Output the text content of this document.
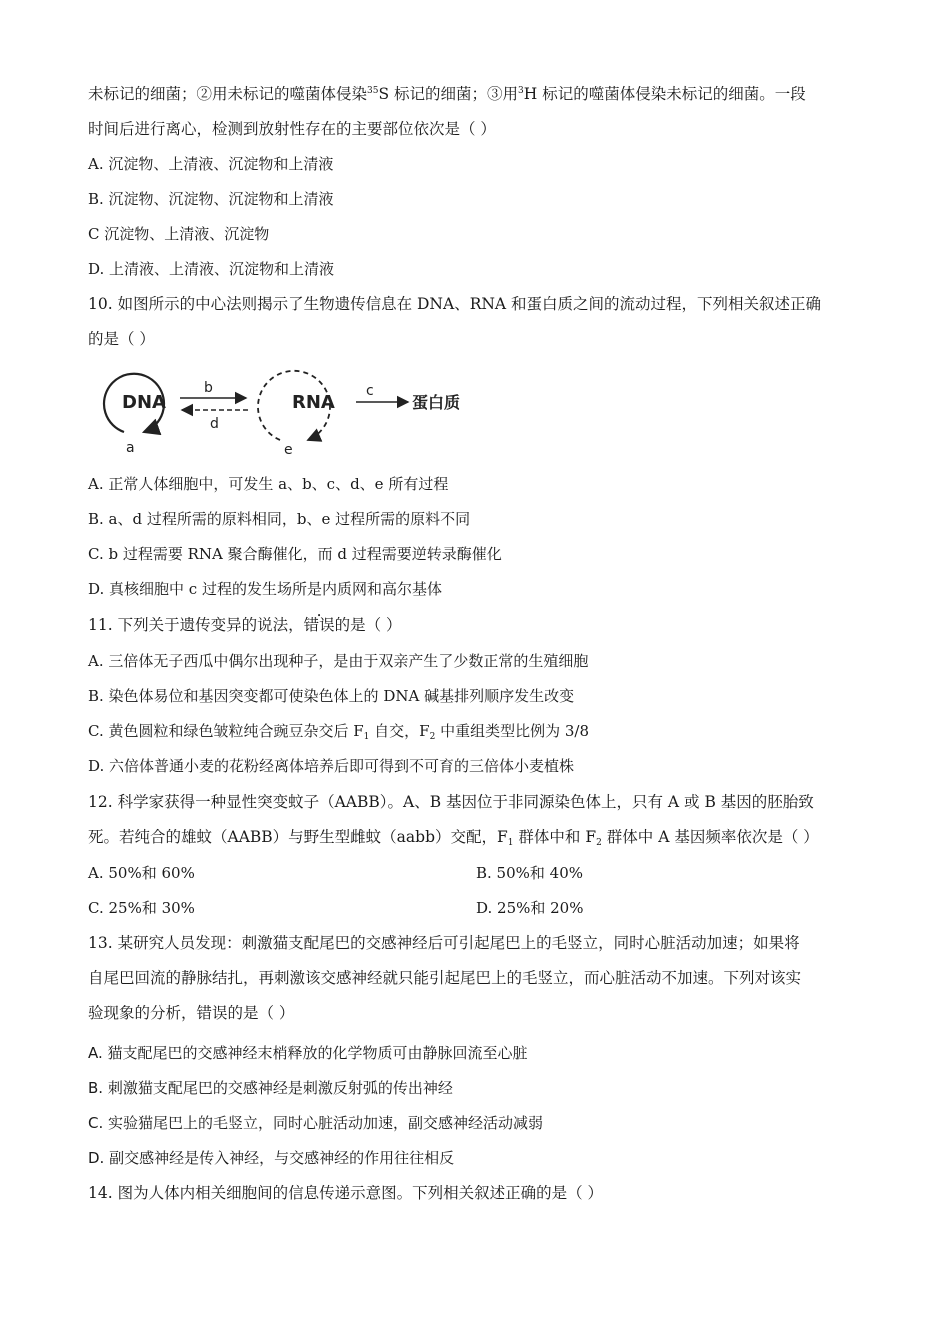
未标记的细菌；②用未标记的噬菌体侵染$^{35}$S 标记的细菌；③用$^3$H 标记的噬菌体侵染未标记的细菌。一段
时间后进行离心，检测到放射性存在的主要部位依次是（ ）
A. 沉淀物、上清液、沉淀物和上清液
B. 沉淀物、沉淀物、沉淀物和上清液
C 沉淀物、上清液、沉淀物
D. 上清液、上清液、沉淀物和上清液
10. 如图所示的中心法则揭示了生物遗传信息在 DNA、RNA 和蛋白质之间的流动过程，下列相关叙述正确
的是（ ）
DNA
a
b
d
RNA
e
c
蛋白质
A. 正常人体细胞中，可发生 a、b、c、d、e 所有过程
B. a、d 过程所需的原料相同，b、e 过程所需的原料不同
C. b 过程需要 RNA 聚合酶催化，而 d 过程需要逆转录酶催化
D. 真核细胞中 c 过程的发生场所是内质网和高尔基体
11. 下列关于遗传变异的说法，错误的是（ ）
A. 三倍体无子西瓜中偶尔出现种子，是由于双亲产生了少数正常的生殖细胞
B. 染色体易位和基因突变都可使染色体上的 DNA 碱基排列顺序发生改变
C. 黄色圆粒和绿色皱粒纯合豌豆杂交后 $F_1$ 自交，$F_2$ 中重组类型比例为 3/8
D. 六倍体普通小麦的花粉经离体培养后即可得到不可育的三倍体小麦植株
12. 科学家获得一种显性突变蚊子（AABB）。A、B 基因位于非同源染色体上，只有 A 或 B 基因的胚胎致
死。若纯合的雄蚊（AABB）与野生型雌蚊（aabb）交配，$F_1$ 群体中和 $F_2$ 群体中 A 基因频率依次是（ ）
A. 50%和 60%	B. 50%和 40%
C. 25%和 30%	D. 25%和 20%
13. 某研究人员发现：刺激猫支配尾巴的交感神经后可引起尾巴上的毛竖立，同时心脏活动加速；如果将
自尾巴回流的静脉结扎，再刺激该交感神经就只能引起尾巴上的毛竖立，而心脏活动不加速。下列对该实
验现象的分析，错误的是（ ）
A. 猫支配尾巴的交感神经末梢释放的化学物质可由静脉回流至心脏
B. 刺激猫支配尾巴的交感神经是刺激反射弧的传出神经
C. 实验猫尾巴上的毛竖立，同时心脏活动加速，副交感神经活动减弱
D. 副交感神经是传入神经，与交感神经的作用往往相反
14. 图为人体内相关细胞间的信息传递示意图。下列相关叙述正确的是（ ）
